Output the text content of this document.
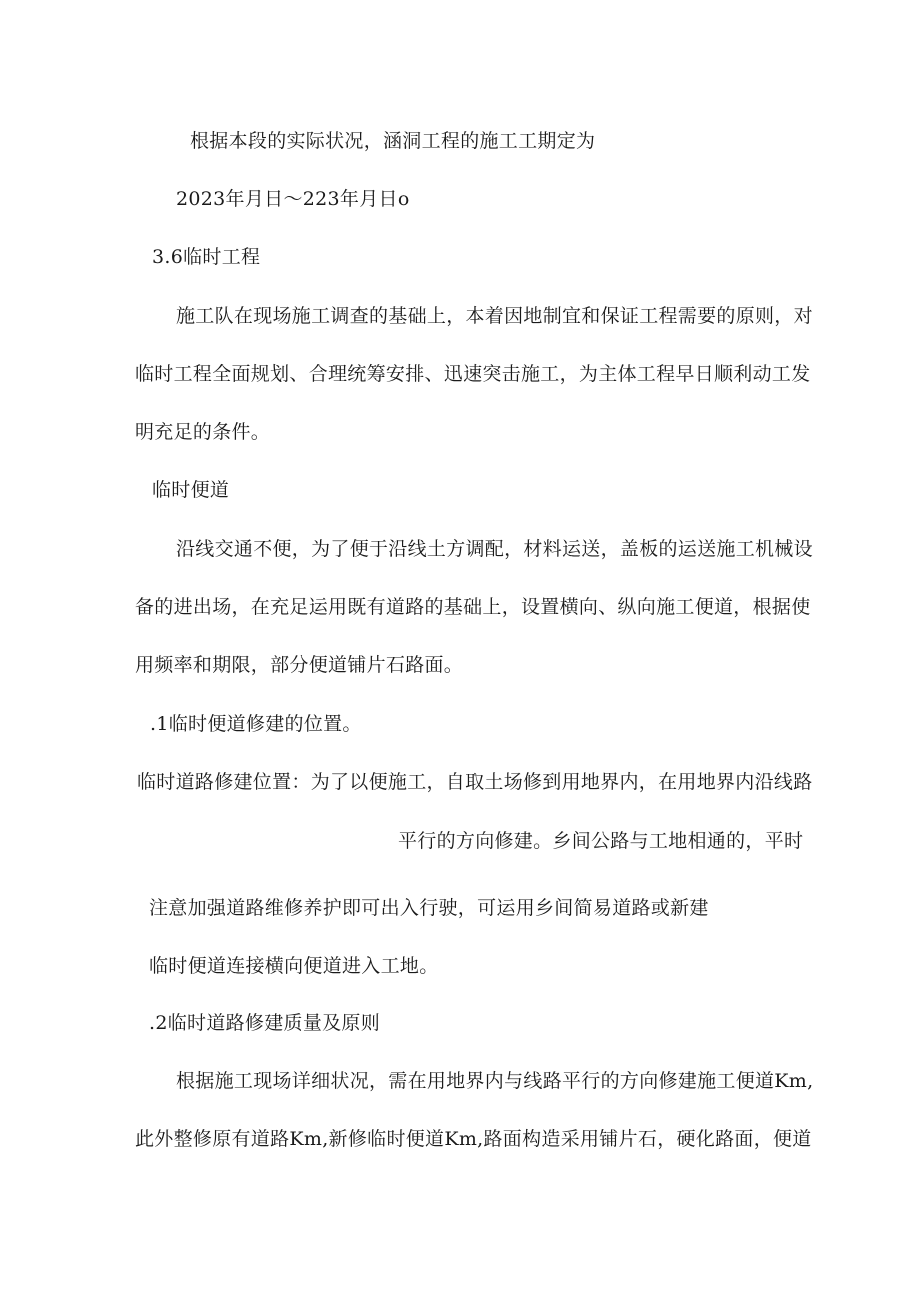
根据本段的实际状况，涵洞工程的施工工期定为
2023年月日～223年月日o
3.6临时工程
施工队在现场施工调查的基础上，本着因地制宜和保证工程需要的原则，对
临时工程全面规划、合理统筹安排、迅速突击施工，为主体工程早日顺利动工发
明充足的条件。
临时便道
沿线交通不便，为了便于沿线土方调配，材料运送，盖板的运送施工机械设
备的进出场，在充足运用既有道路的基础上，设置横向、纵向施工便道，根据使
用频率和期限，部分便道铺片石路面。
.1临时便道修建的位置。
临时道路修建位置：为了以便施工，自取土场修到用地界内，在用地界内沿线路
平行的方向修建。乡间公路与工地相通的，平时
注意加强道路维修养护即可出入行驶，可运用乡间简易道路或新建
临时便道连接横向便道进入工地。
.2临时道路修建质量及原则
根据施工现场详细状况，需在用地界内与线路平行的方向修建施工便道Km,
此外整修原有道路Km,新修临时便道Km,路面构造采用铺片石，硬化路面，便道
